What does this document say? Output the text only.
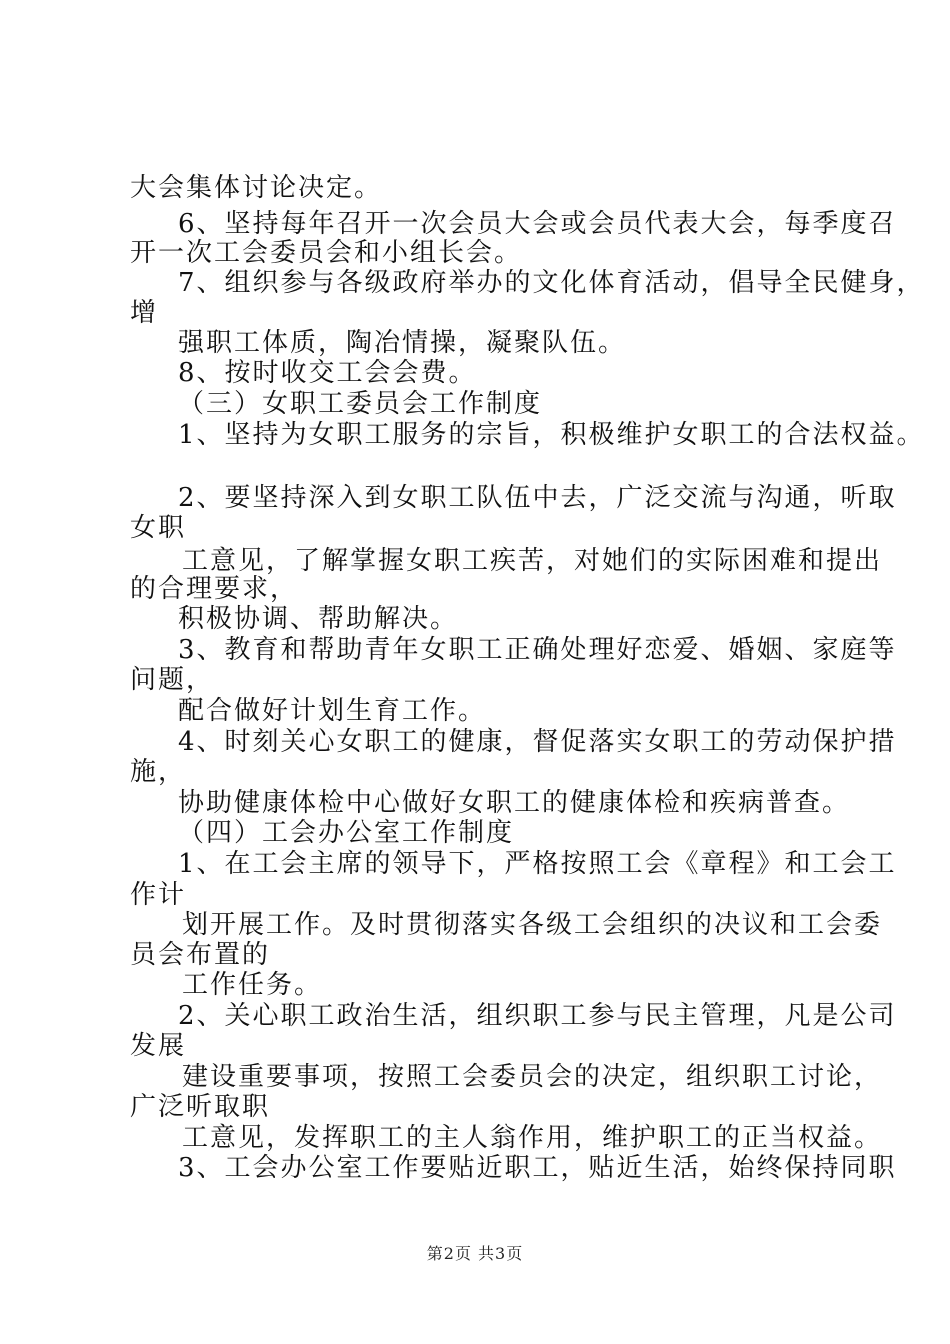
大会集体讨论决定。
6、坚持每年召开一次会员大会或会员代表大会，每季度召
开一次工会委员会和小组长会。
7、组织参与各级政府举办的文化体育活动，倡导全民健身，
增
强职工体质，陶冶情操，凝聚队伍。
8、按时收交工会会费。
（三）女职工委员会工作制度
1、坚持为女职工服务的宗旨，积极维护女职工的合法权益。
2、要坚持深入到女职工队伍中去，广泛交流与沟通，听取
女职
工意见，了解掌握女职工疾苦，对她们的实际困难和提出
的合理要求，
积极协调、帮助解决。
3、教育和帮助青年女职工正确处理好恋爱、婚姻、家庭等
问题，
配合做好计划生育工作。
4、时刻关心女职工的健康，督促落实女职工的劳动保护措
施，
协助健康体检中心做好女职工的健康体检和疾病普查。
（四）工会办公室工作制度
1、在工会主席的领导下，严格按照工会《章程》和工会工
作计
划开展工作。及时贯彻落实各级工会组织的决议和工会委
员会布置的
工作任务。
2、关心职工政治生活，组织职工参与民主管理，凡是公司
发展
建设重要事项，按照工会委员会的决定，组织职工讨论，
广泛听取职
工意见，发挥职工的主人翁作用，维护职工的正当权益。
3、工会办公室工作要贴近职工，贴近生活，始终保持同职
第2页 共3页
